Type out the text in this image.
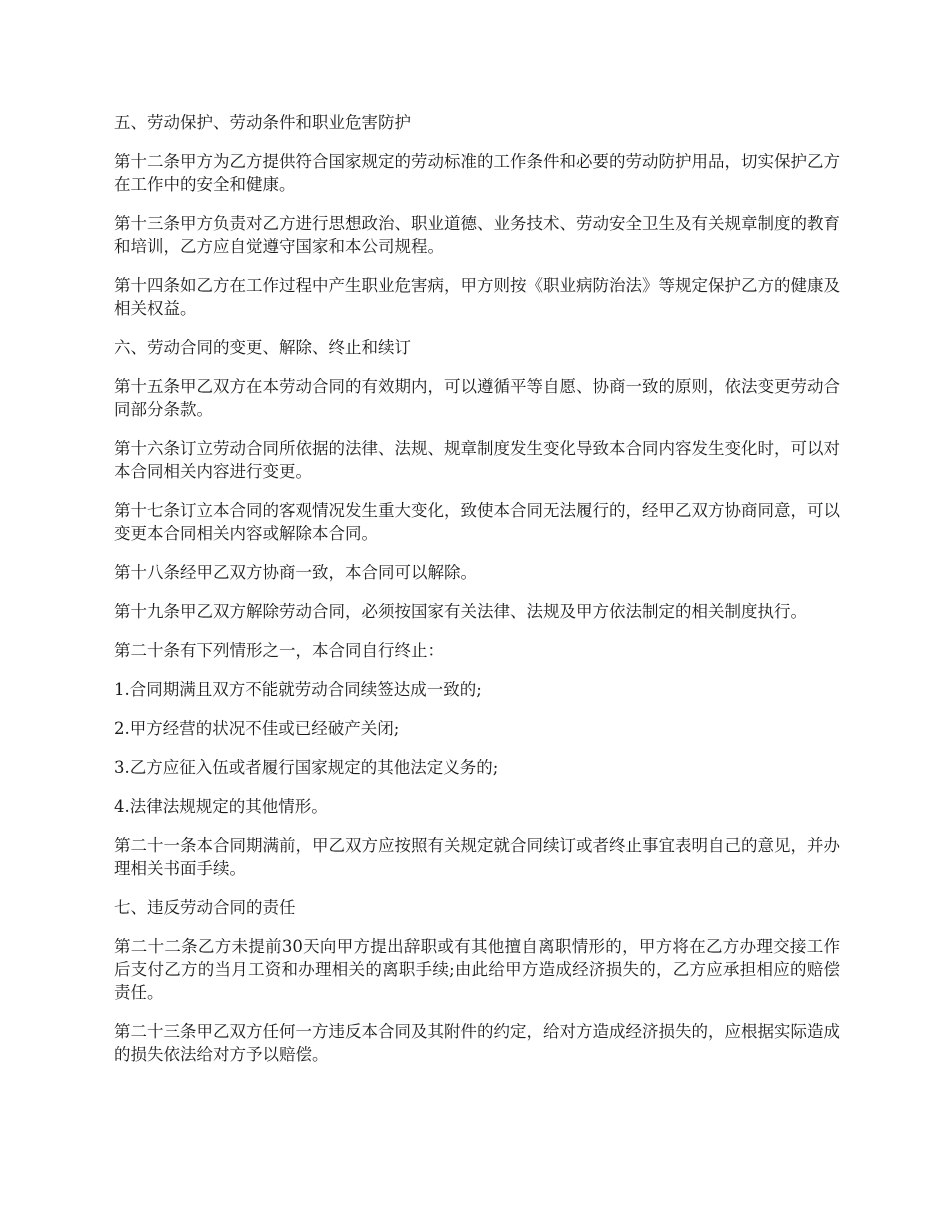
五、劳动保护、劳动条件和职业危害防护

第十二条甲方为乙方提供符合国家规定的劳动标准的工作条件和必要的劳动防护用品，切实保护乙方在工作中的安全和健康。

第十三条甲方负责对乙方进行思想政治、职业道德、业务技术、劳动安全卫生及有关规章制度的教育和培训，乙方应自觉遵守国家和本公司规程。

第十四条如乙方在工作过程中产生职业危害病，甲方则按《职业病防治法》等规定保护乙方的健康及相关权益。

六、劳动合同的变更、解除、终止和续订

第十五条甲乙双方在本劳动合同的有效期内，可以遵循平等自愿、协商一致的原则，依法变更劳动合同部分条款。

第十六条订立劳动合同所依据的法律、法规、规章制度发生变化导致本合同内容发生变化时，可以对本合同相关内容进行变更。

第十七条订立本合同的客观情况发生重大变化，致使本合同无法履行的，经甲乙双方协商同意，可以变更本合同相关内容或解除本合同。

第十八条经甲乙双方协商一致，本合同可以解除。

第十九条甲乙双方解除劳动合同，必须按国家有关法律、法规及甲方依法制定的相关制度执行。

第二十条有下列情形之一，本合同自行终止：

1.合同期满且双方不能就劳动合同续签达成一致的;

2.甲方经营的状况不佳或已经破产关闭;

3.乙方应征入伍或者履行国家规定的其他法定义务的;

4.法律法规规定的其他情形。

第二十一条本合同期满前，甲乙双方应按照有关规定就合同续订或者终止事宜表明自己的意见，并办理相关书面手续。

七、违反劳动合同的责任

第二十二条乙方未提前30天向甲方提出辞职或有其他擅自离职情形的，甲方将在乙方办理交接工作后支付乙方的当月工资和办理相关的离职手续;由此给甲方造成经济损失的，乙方应承担相应的赔偿责任。

第二十三条甲乙双方任何一方违反本合同及其附件的约定，给对方造成经济损失的，应根据实际造成的损失依法给对方予以赔偿。
